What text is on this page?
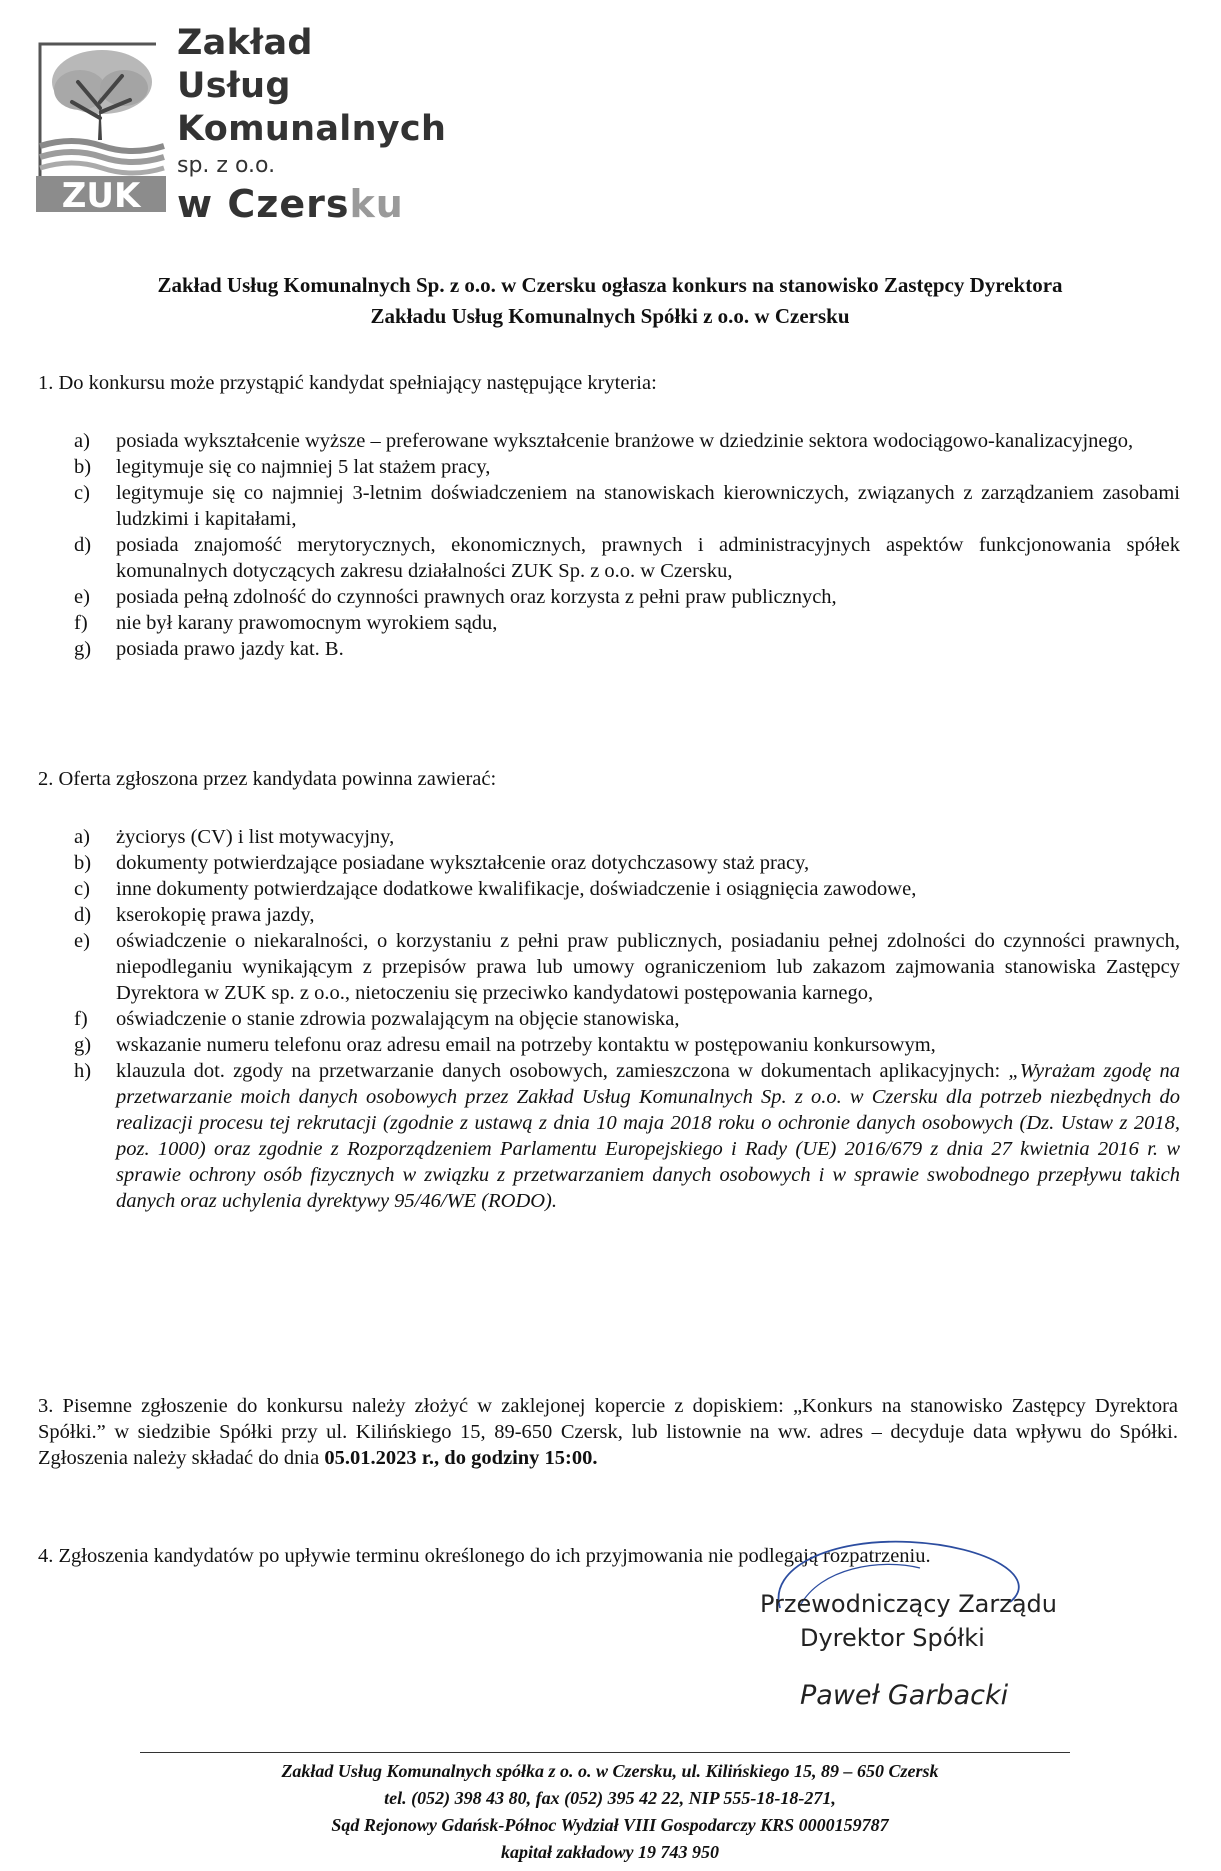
ZUK
Zakład
Usług
Komunalnych
sp. z o.o.
w Czersku
Zakład Usług Komunalnych Sp. z o.o. w Czersku ogłasza konkurs na stanowisko Zastępcy Dyrektora
Zakładu Usług Komunalnych Spółki z o.o. w Czersku

1. Do konkursu może przystąpić kandydat spełniający następujące kryteria:

a) posiada wykształcenie wyższe – preferowane wykształcenie branżowe w dziedzinie sektora wodociągowo-kanalizacyjnego,
b) legitymuje się co najmniej 5 lat stażem pracy,
c) legitymuje się co najmniej 3-letnim doświadczeniem na stanowiskach kierowniczych, związanych z zarządzaniem zasobami ludzkimi i kapitałami,
d) posiada znajomość merytorycznych, ekonomicznych, prawnych i administracyjnych aspektów funkcjonowania spółek komunalnych dotyczących zakresu działalności ZUK Sp. z o.o. w Czersku,
e) posiada pełną zdolność do czynności prawnych oraz korzysta z pełni praw publicznych,
f) nie był karany prawomocnym wyrokiem sądu,
g) posiada prawo jazdy kat. B.

2. Oferta zgłoszona przez kandydata powinna zawierać:

a) życiorys (CV) i list motywacyjny,
b) dokumenty potwierdzające posiadane wykształcenie oraz dotychczasowy staż pracy,
c) inne dokumenty potwierdzające dodatkowe kwalifikacje, doświadczenie i osiągnięcia zawodowe,
d) kserokopię prawa jazdy,
e) oświadczenie o niekaralności, o korzystaniu z pełni praw publicznych, posiadaniu pełnej zdolności do czynności prawnych, niepodleganiu wynikającym z przepisów prawa lub umowy ograniczeniom lub zakazom zajmowania stanowiska Zastępcy Dyrektora w ZUK sp. z o.o., nietoczeniu się przeciwko kandydatowi postępowania karnego,
f) oświadczenie o stanie zdrowia pozwalającym na objęcie stanowiska,
g) wskazanie numeru telefonu oraz adresu email na potrzeby kontaktu w postępowaniu konkursowym,
h) klauzula dot. zgody na przetwarzanie danych osobowych, zamieszczona w dokumentach aplikacyjnych: „Wyrażam zgodę na przetwarzanie moich danych osobowych przez Zakład Usług Komunalnych Sp. z o.o. w Czersku dla potrzeb niezbędnych do realizacji procesu tej rekrutacji (zgodnie z ustawą z dnia 10 maja 2018 roku o ochronie danych osobowych (Dz. Ustaw z 2018, poz. 1000) oraz zgodnie z Rozporządzeniem Parlamentu Europejskiego i Rady (UE) 2016/679 z dnia 27 kwietnia 2016 r. w sprawie ochrony osób fizycznych w związku z przetwarzaniem danych osobowych i w sprawie swobodnego przepływu takich danych oraz uchylenia dyrektywy 95/46/WE (RODO).
3. Pisemne zgłoszenie do konkursu należy złożyć w zaklejonej kopercie z dopiskiem: „Konkurs na stanowisko Zastępcy Dyrektora Spółki.” w siedzibie Spółki przy ul. Kilińskiego 15, 89-650 Czersk, lub listownie na ww. adres – decyduje data wpływu do Spółki. Zgłoszenia należy składać do dnia 05.01.2023 r., do godziny 15:00.
4. Zgłoszenia kandydatów po upływie terminu określonego do ich przyjmowania nie podlegają rozpatrzeniu.
Przewodniczący Zarządu
Dyrektor Spółki
Paweł Garbacki
Zakład Usług Komunalnych spółka z o. o. w Czersku, ul. Kilińskiego 15, 89 – 650 Czersk
tel. (052) 398 43 80, fax (052) 395 42 22, NIP 555-18-18-271,
Sąd Rejonowy Gdańsk-Północ Wydział VIII Gospodarczy KRS 0000159787
kapitał zakładowy 19 743 950
